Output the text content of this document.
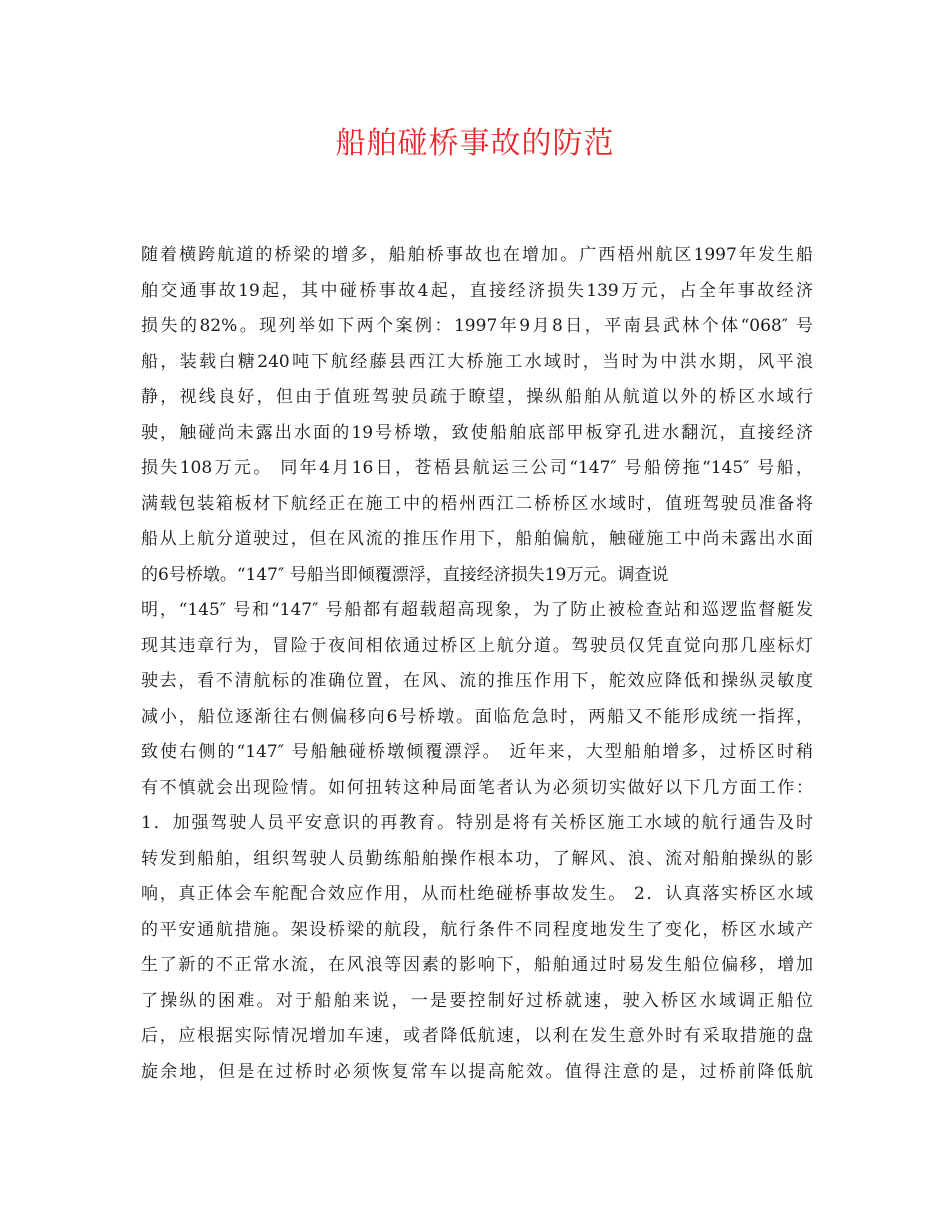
船舶碰桥事故的防范
随着横跨航道的桥梁的增多，船舶桥事故也在增加。广西梧州航区1997年发生船
舶交通事故19起，其中碰桥事故4起，直接经济损失139万元，占全年事故经济
损失的82%。现列举如下两个案例：1997年9月8日，平南县武林个体“068″ 号
船，装载白糖240吨下航经藤县西江大桥施工水域时，当时为中洪水期，风平浪
静，视线良好，但由于值班驾驶员疏于瞭望，操纵船舶从航道以外的桥区水域行
驶，触碰尚未露出水面的19号桥墩，致使船舶底部甲板穿孔进水翻沉，直接经济
损失108万元。 同年4月16日，苍梧县航运三公司“147″ 号船傍拖“145″ 号船，
满载包装箱板材下航经正在施工中的梧州西江二桥桥区水域时，值班驾驶员准备将
船从上航分道驶过，但在风流的推压作用下，船舶偏航，触碰施工中尚未露出水面
的6号桥墩。“147″ 号船当即倾覆漂浮，直接经济损失19万元。调查说
明，“145″ 号和“147″ 号船都有超载超高现象，为了防止被检查站和巡逻监督艇发
现其违章行为，冒险于夜间相依通过桥区上航分道。驾驶员仅凭直觉向那几座标灯
驶去，看不清航标的准确位置，在风、流的推压作用下，舵效应降低和操纵灵敏度
减小，船位逐渐往右侧偏移向6号桥墩。面临危急时，两船又不能形成统一指挥，
致使右侧的“147″ 号船触碰桥墩倾覆漂浮。 近年来，大型船舶增多，过桥区时稍
有不慎就会出现险情。如何扭转这种局面笔者认为必须切实做好以下几方面工作：
1．加强驾驶人员平安意识的再教育。特别是将有关桥区施工水域的航行通告及时
转发到船舶，组织驾驶人员勤练船舶操作根本功，了解风、浪、流对船舶操纵的影
响，真正体会车舵配合效应作用，从而杜绝碰桥事故发生。 2．认真落实桥区水域
的平安通航措施。架设桥梁的航段，航行条件不同程度地发生了变化，桥区水域产
生了新的不正常水流，在风浪等因素的影响下，船舶通过时易发生船位偏移，增加
了操纵的困难。对于船舶来说，一是要控制好过桥就速，驶入桥区水域调正船位
后，应根据实际情况增加车速，或者降低航速，以利在发生意外时有采取措施的盘
旋余地，但是在过桥时必须恢复常车以提高舵效。值得注意的是，过桥前降低航
